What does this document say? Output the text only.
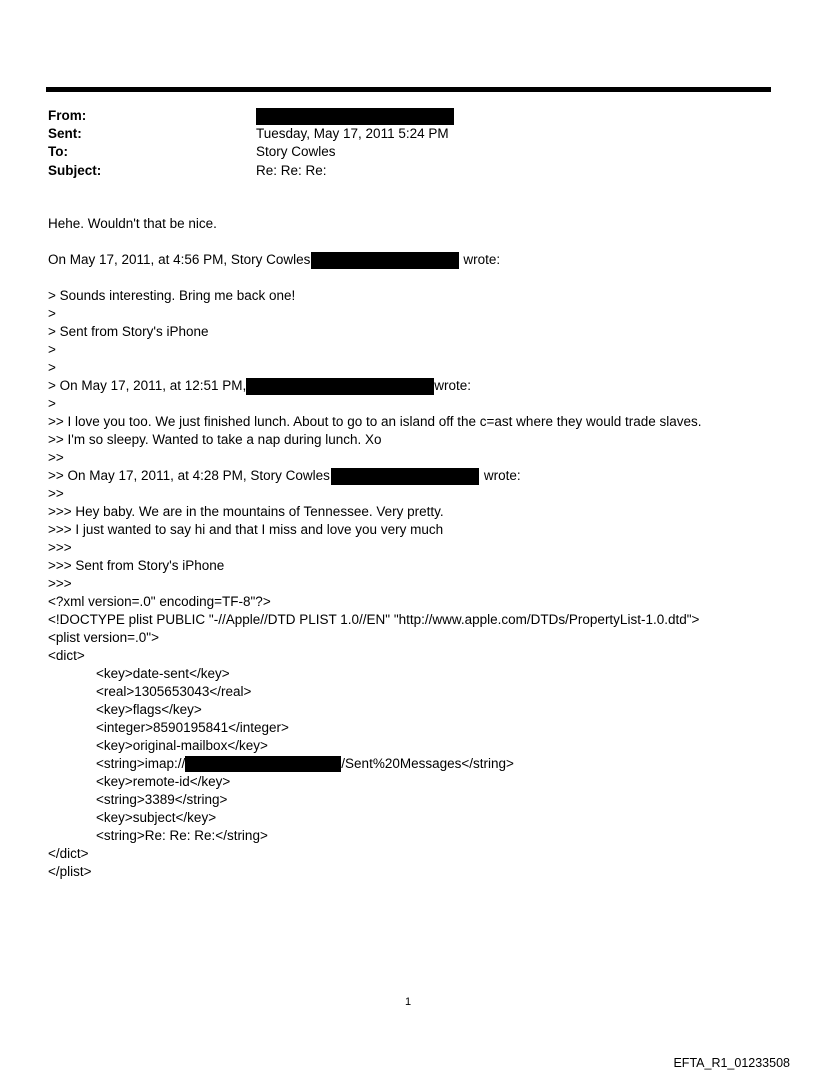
From:
Sent:	Tuesday, May 17, 2011 5:24 PM
To:	Story Cowles
Subject:	Re: Re: Re:
Hehe. Wouldn't that be nice.
On May 17, 2011, at 4:56 PM, Story Cowles	wrote:
> Sounds interesting. Bring me back one!
>
> Sent from Story's iPhone
>
>
> On May 17, 2011, at 12:51 PM,	wrote:
>
>> I love you too. We just finished lunch. About to go to an island off the c=ast where they would trade slaves.
>> I'm so sleepy. Wanted to take a nap during lunch. Xo
>>
>> On May 17, 2011, at 4:28 PM, Story Cowles	wrote:
>>
>>> Hey baby. We are in the mountains of Tennessee. Very pretty.
>>> I just wanted to say hi and that I miss and love you very much
>>>
>>> Sent from Story's iPhone
>>>
<?xml version=.0" encoding=TF-8"?>
<!DOCTYPE plist PUBLIC "-//Apple//DTD PLIST 1.0//EN" "http://www.apple.com/DTDs/PropertyList-1.0.dtd">
<plist version=.0">
<dict>
<key>date-sent</key>
<real>1305653043</real>
<key>flags</key>
<integer>8590195841</integer>
<key>original-mailbox</key>
<string>imap://	/Sent%20Messages</string>
<key>remote-id</key>
<string>3389</string>
<key>subject</key>
<string>Re: Re: Re:</string>
</dict>
</plist>
1
EFTA_R1_01233508
